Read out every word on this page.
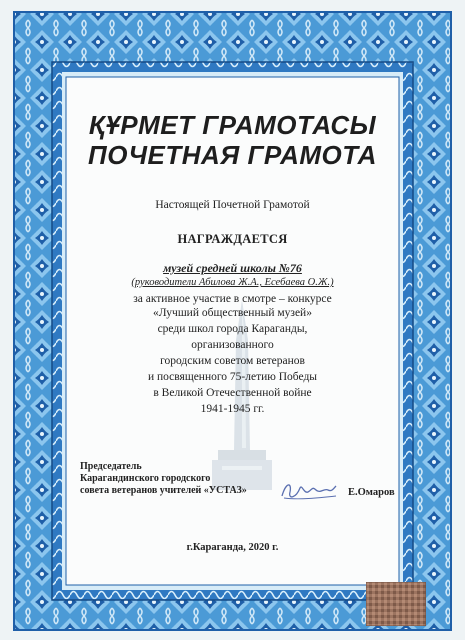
ҚҰРМЕТ ГРАМОТАСЫ
ПОЧЕТНАЯ ГРАМОТА
Настоящей Почетной Грамотой
НАГРАЖДАЕТСЯ
музей средней школы №76
(руководители Абилова Ж.А., Есебаева О.Ж.)
за активное участие в смотре – конкурсе
«Лучший общественный музей»
среди школ города Караганды,
организованного
городским советом ветеранов
и посвященного 75-летию Победы
в Великой Отечественной войне
1941-1945 гг.
Председатель
Карагандинского городского
совета ветеранов учителей «УСТАЗ»	Е.Омаров
г.Караганда, 2020 г.
